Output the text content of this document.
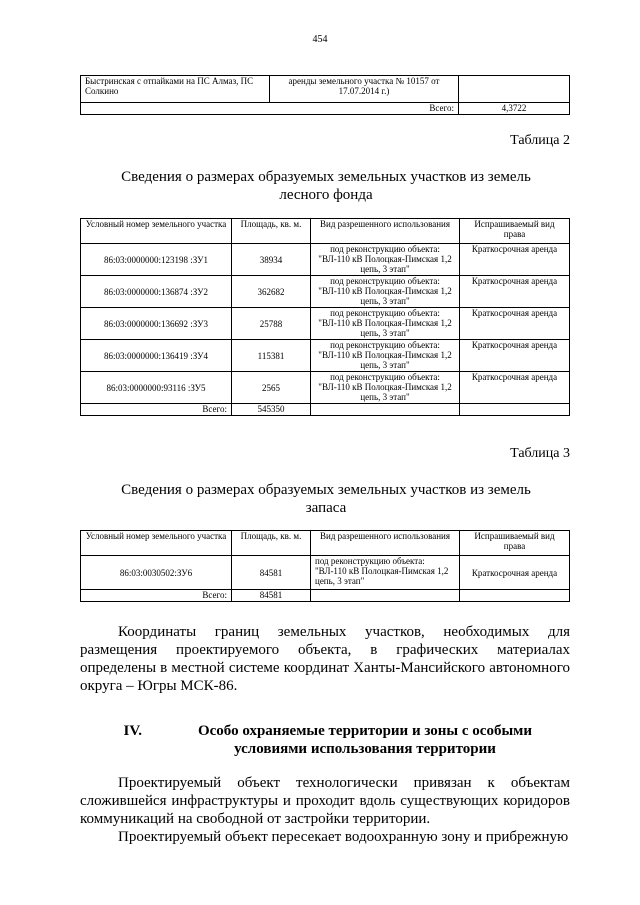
454
Быстринская с отпайками на ПС Алмаз, ПС Солкино	аренды земельного участка № 10157 от 17.07.2014 г.)	
Всего:		4,3722
Таблица 2
Сведения о размерах образуемых земельных участков из земель лесного фонда
Условный номер земельного участка	Площадь, кв. м.	Вид разрешенного использования	Испрашиваемый вид права
86:03:0000000:123198 :ЗУ1	38934	под реконструкцию объекта: "ВЛ-110 кВ Полоцкая-Пимская 1,2 цепь, 3 этап"	Краткосрочная аренда
86:03:0000000:136874 :ЗУ2	362682	под реконструкцию объекта: "ВЛ-110 кВ Полоцкая-Пимская 1,2 цепь, 3 этап"	Краткосрочная аренда
86:03:0000000:136692 :ЗУ3	25788	под реконструкцию объекта: "ВЛ-110 кВ Полоцкая-Пимская 1,2 цепь, 3 этап"	Краткосрочная аренда
86:03:0000000:136419 :ЗУ4	115381	под реконструкцию объекта: "ВЛ-110 кВ Полоцкая-Пимская 1,2 цепь, 3 этап"	Краткосрочная аренда
86:03:0000000:93116 :ЗУ5	2565	под реконструкцию объекта: "ВЛ-110 кВ Полоцкая-Пимская 1,2 цепь, 3 этап"	Краткосрочная аренда
Всего:	545350		
Таблица 3
Сведения о размерах образуемых земельных участков из земель запаса
Условный номер земельного участка	Площадь, кв. м.	Вид разрешенного использования	Испрашиваемый вид права
86:03:0030502:ЗУ6	84581	под реконструкцию объекта: "ВЛ-110 кВ Полоцкая-Пимская 1,2 цепь, 3 этап"	Краткосрочная аренда
Всего:	84581		
Координаты границ земельных участков, необходимых для размещения проектируемого объекта, в графических материалах определены в местной системе координат Ханты-Мансийского автономного округа – Югры МСК-86.
IV.	Особо охраняемые территории и зоны с особыми условиями использования территории
Проектируемый объект технологически привязан к объектам сложившейся инфраструктуры и проходит вдоль существующих коридоров коммуникаций на свободной от застройки территории.
Проектируемый объект пересекает водоохранную зону и прибрежную
